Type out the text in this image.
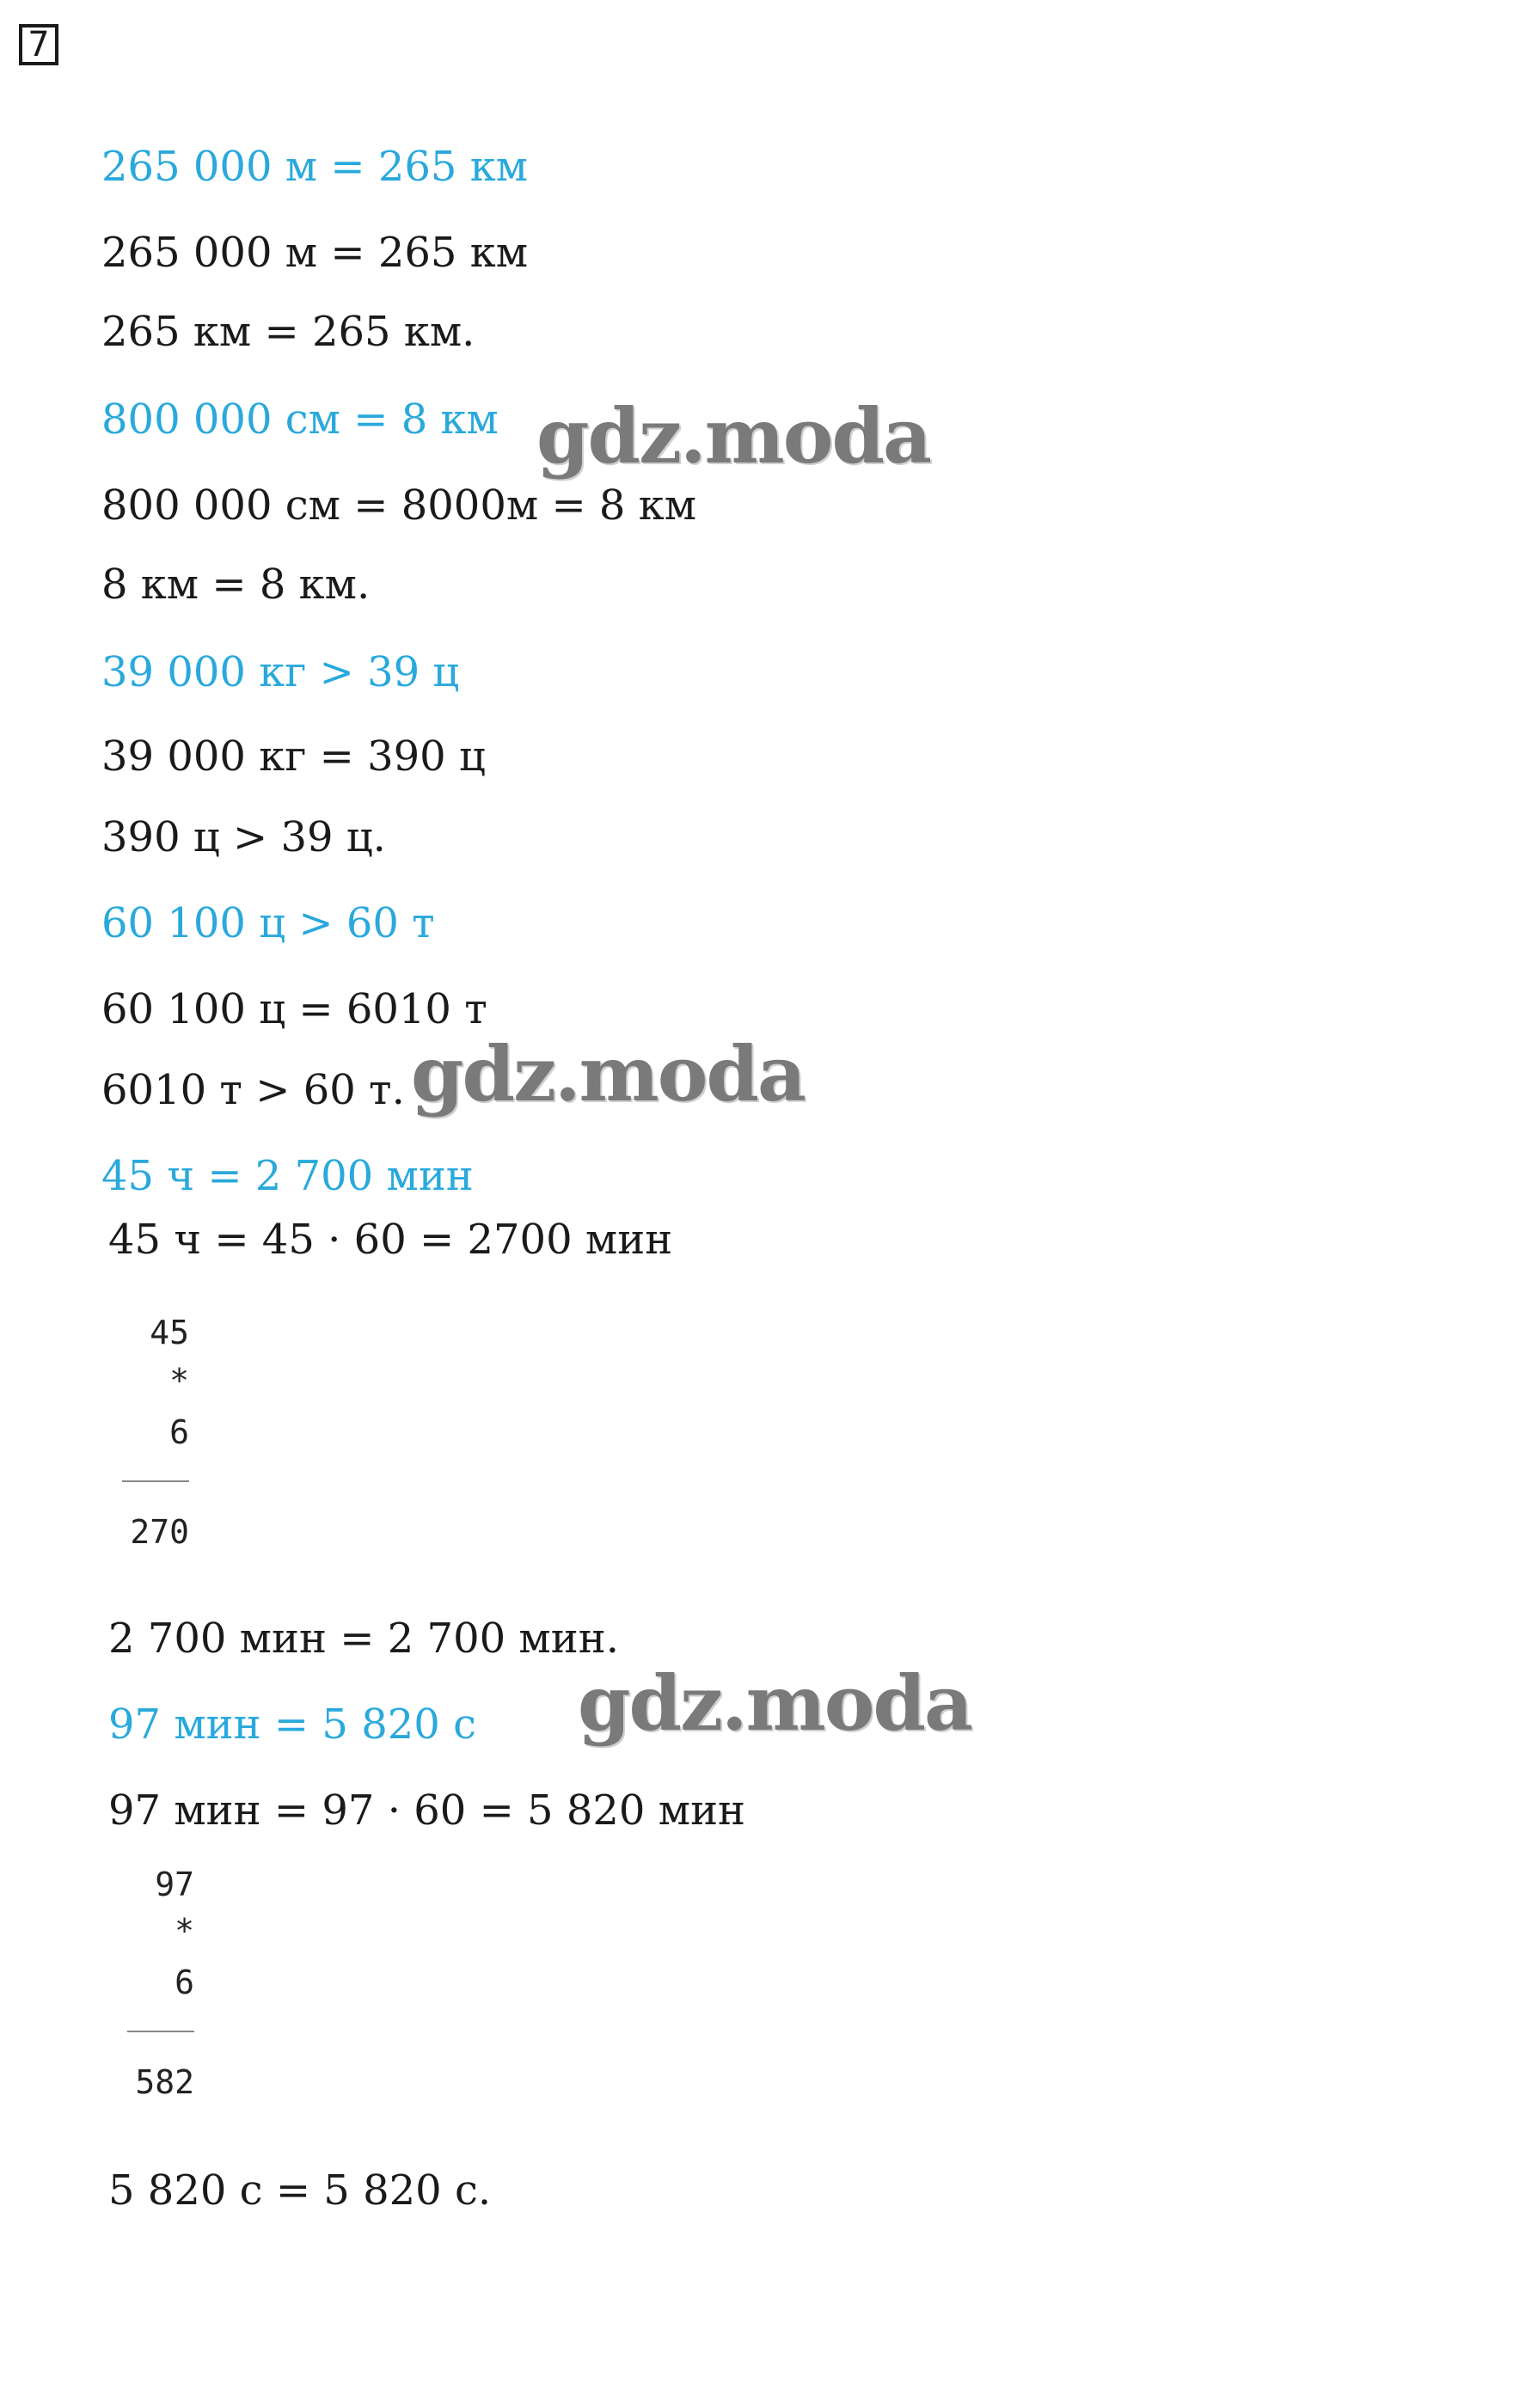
7
265 000 м = 265 км
265 000 м = 265 км
265 км = 265 км.
800 000 см = 8 км
800 000 см = 8000м = 8 км
8 км = 8 км.
39 000 кг > 39 ц
39 000 кг = 390 ц
390 ц > 39 ц.
60 100 ц > 60 т
60 100 ц = 6010 т
6010 т > 60 т.
45 ч = 2 700 мин
45 ч = 45 · 60 = 2700 мин
45
*
6
270
2 700 мин = 2 700 мин.
97 мин = 5 820 с
97 мин = 97 · 60 = 5 820 мин
97
*
6
582
5 820 с = 5 820 с.
gdz.moda
gdz.moda
gdz.moda
